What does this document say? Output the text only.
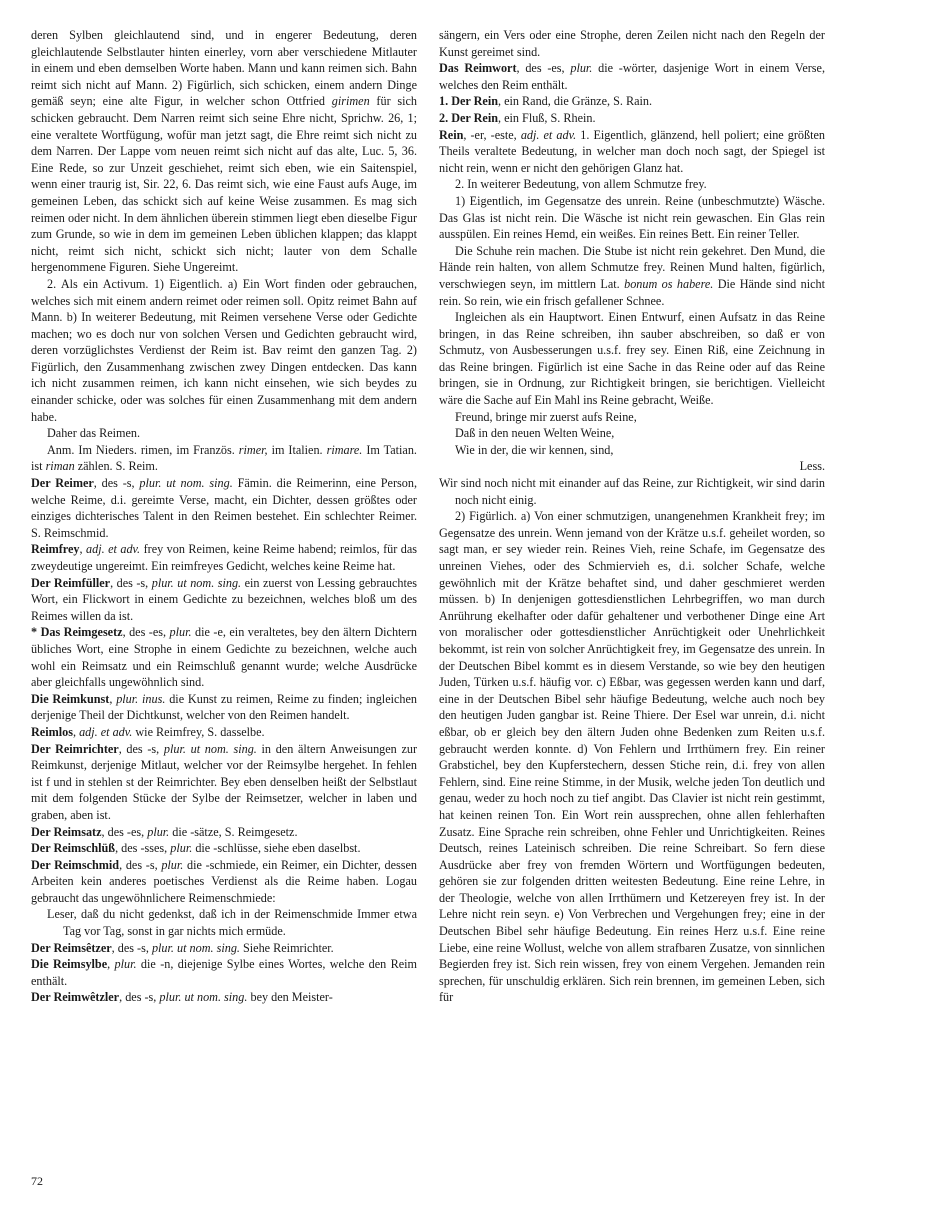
deren Sylben gleichlautend sind, und in engerer Bedeutung, deren gleichlautende Selbstlauter hinten einerley, vorn aber verschiedene Mitlauter in einem und eben demselben Worte haben. Mann und kann reimen sich. Bahn reimt sich nicht auf Mann. 2) Figürlich, sich schicken, einem andern Dinge gemäß seyn; eine alte Figur, in welcher schon Ottfried girimen für sich schicken gebraucht. Dem Narren reimt sich seine Ehre nicht, Sprichw. 26, 1; eine veraltete Wortfügung, wofür man jetzt sagt, die Ehre reimt sich nicht zu dem Narren. Der Lappe vom neuen reimt sich nicht auf das alte, Luc. 5, 36. Eine Rede, so zur Unzeit geschiehet, reimt sich eben, wie ein Saitenspiel, wenn einer traurig ist, Sir. 22, 6. Das reimt sich, wie eine Faust aufs Auge, im gemeinen Leben, das schickt sich auf keine Weise zusammen. Es mag sich reimen oder nicht. In dem ähnlichen überein stimmen liegt eben dieselbe Figur zum Grunde, so wie in dem im gemeinen Leben üblichen klappen; das klappt nicht, reimt sich nicht, schickt sich nicht; lauter von dem Schalle hergenommene Figuren. Siehe Ungereimt.

2. Als ein Activum. 1) Eigentlich. a) Ein Wort finden oder gebrauchen, welches sich mit einem andern reimet oder reimen soll. Opitz reimet Bahn auf Mann. b) In weiterer Bedeutung, mit Reimen versehene Verse oder Gedichte machen; wo es doch nur von solchen Versen und Gedichten gebraucht wird, deren vorzüglichstes Verdienst der Reim ist. Bav reimt den ganzen Tag. 2) Figürlich, den Zusammenhang zwischen zwey Dingen entdecken. Das kann ich nicht zusammen reimen, ich kann nicht einsehen, wie sich beydes zu einander schicke, oder was solches für einen Zusammenhang mit dem andern habe.

Daher das Reimen.

Anm. Im Nieders. rimen, im Französ. rimer, im Italien. rimare. Im Tatian. ist riman zählen. S. Reim.

Der Reimer, des -s, plur. ut nom. sing. Fämin. die Reimerinn, eine Person, welche Reime, d.i. gereimte Verse, macht, ein Dichter, dessen größtes oder einziges dichterisches Talent in den Reimen bestehet. Ein schlechter Reimer. S. Reimschmid.

Reimfrey, adj. et adv. frey von Reimen, keine Reime habend; reimlos, für das zweydeutige ungereimt. Ein reimfreyes Gedicht, welches keine Reime hat.

Der Reimfüller, des -s, plur. ut nom. sing. ein zuerst von Lessing gebrauchtes Wort, ein Flickwort in einem Gedichte zu bezeichnen, welches bloß um des Reimes willen da ist.

* Das Reimgesetz, des -es, plur. die -e, ein veraltetes, bey den ältern Dichtern übliches Wort, eine Strophe in einem Gedichte zu bezeichnen, welche auch wohl ein Reimsatz und ein Reimschluß genannt wurde; welche Ausdrücke aber gleichfalls ungewöhnlich sind.

Die Reimkunst, plur. inus. die Kunst zu reimen, Reime zu finden; ingleichen derjenige Theil der Dichtkunst, welcher von den Reimen handelt.

Reimlos, adj. et adv. wie Reimfrey, S. dasselbe.

Der Reimrichter, des -s, plur. ut nom. sing. in den ältern Anweisungen zur Reimkunst, derjenige Mitlaut, welcher vor der Reimsylbe hergehet. In fehlen ist f und in stehlen st der Reimrichter. Bey eben denselben heißt der Selbstlaut mit dem folgenden Stücke der Sylbe der Reimsetzer, welcher in laben und graben, aben ist.

Der Reimsatz, des -es, plur. die -sätze, S. Reimgesetz.

Der Reimschlüß, des -sses, plur. die -schlüsse, siehe eben daselbst.

Der Reimschmid, des -s, plur. die -schmiede, ein Reimer, ein Dichter, dessen Arbeiten kein anderes poetisches Verdienst als die Reime haben. Logau gebraucht das ungewöhnlichere Reimenschmiede:

Leser, daß du nicht gedenkst, daß ich in der Reimenschmide Immer etwa Tag vor Tag, sonst in gar nichts mich ermüde.

Der Reimsêtzer, des -s, plur. ut nom. sing. Siehe Reimrichter.

Die Reimsylbe, plur. die -n, diejenige Sylbe eines Wortes, welche den Reim enthält.

Der Reimwêtzler, des -s, plur. ut nom. sing. bey den Meister-

sängern, ein Vers oder eine Strophe, deren Zeilen nicht nach den Regeln der Kunst gereimet sind.

Das Reimwort, des -es, plur. die -wörter, dasjenige Wort in einem Verse, welches den Reim enthält.

1. Der Rein, ein Rand, die Gränze, S. Rain.

2. Der Rein, ein Fluß, S. Rhein.

Rein, -er, -este, adj. et adv. 1. Eigentlich, glänzend, hell poliert; eine größten Theils veraltete Bedeutung, in welcher man doch noch sagt, der Spiegel ist nicht rein, wenn er nicht den gehörigen Glanz hat.

2. In weiterer Bedeutung, von allem Schmutze frey.

1) Eigentlich, im Gegensatze des unrein. Reine (unbeschmutzte) Wäsche. Das Glas ist nicht rein. Die Wäsche ist nicht rein gewaschen. Ein Glas rein ausspülen. Ein reines Hemd, ein weißes. Ein reines Bett. Ein reiner Teller.

Die Schuhe rein machen. Die Stube ist nicht rein gekehret. Den Mund, die Hände rein halten, von allem Schmutze frey. Reinen Mund halten, figürlich, verschwiegen seyn, im mittlern Lat. bonum os habere. Die Hände sind nicht rein. So rein, wie ein frisch gefallener Schnee.

Ingleichen als ein Hauptwort. Einen Entwurf, einen Aufsatz in das Reine bringen, in das Reine schreiben, ihn sauber abschreiben, so daß er von Schmutz, von Ausbesserungen u.s.f. frey sey. Einen Riß, eine Zeichnung in das Reine bringen. Figürlich ist eine Sache in das Reine oder auf das Reine bringen, sie in Ordnung, zur Richtigkeit bringen, sie berichtigen. Vielleicht wäre die Sache auf Ein Mahl ins Reine gebracht, Weiße.

Freund, bringe mir zuerst aufs Reine,

Daß in den neuen Welten Weine,

Wie in der, die wir kennen, sind,

Less.

Wir sind noch nicht mit einander auf das Reine, zur Richtigkeit, wir sind darin noch nicht einig.

2) Figürlich. a) Von einer schmutzigen, unangenehmen Krankheit frey; im Gegensatze des unrein. Wenn jemand von der Krätze u.s.f. geheilet worden, so sagt man, er sey wieder rein. Reines Vieh, reine Schafe, im Gegensatze des unreinen Viehes, oder des Schmiervieh es, d.i. solcher Schafe, welche gewöhnlich mit der Krätze behaftet sind, und daher geschmieret werden müssen. b) In denjenigen gottesdienstlichen Lehrbegriffen, wo man durch Anrührung ekelhafter oder dafür gehaltener und verbothener Dinge eine Art von moralischer oder gottesdienstlicher Anrüchtigkeit oder Unehrlichkeit bekommt, ist rein von solcher Anrüchtigkeit frey, im Gegensatze des unrein. In der Deutschen Bibel kommt es in diesem Verstande, so wie bey den heutigen Juden, Türken u.s.f. häufig vor. c) Eßbar, was gegessen werden kann und darf, eine in der Deutschen Bibel sehr häufige Bedeutung, welche auch noch bey den heutigen Juden gangbar ist. Reine Thiere. Der Esel war unrein, d.i. nicht eßbar, ob er gleich bey den ältern Juden ohne Bedenken zum Reiten u.s.f. gebraucht werden konnte. d) Von Fehlern und Irrthümern frey. Ein reiner Grabstichel, bey den Kupferstechern, dessen Stiche rein, d.i. frey von allen Fehlern, sind. Eine reine Stimme, in der Musik, welche jeden Ton deutlich und genau, weder zu hoch noch zu tief angibt. Das Clavier ist nicht rein gestimmt, hat keinen reinen Ton. Ein Wort rein aussprechen, ohne allen fehlerhaften Zusatz. Eine Sprache rein schreiben, ohne Fehler und Unrichtigkeiten. Reines Deutsch, reines Lateinisch schreiben. Die reine Schreibart. So fern diese Ausdrücke aber frey von fremden Wörtern und Wortfügungen bedeuten, gehören sie zur folgenden dritten weitesten Bedeutung. Eine reine Lehre, in der Theologie, welche von allen Irrthümern und Ketzereyen frey ist. In der Lehre nicht rein seyn. e) Von Verbrechen und Vergehungen frey; eine in der Deutschen Bibel sehr häufige Bedeutung. Ein reines Herz u.s.f. Eine reine Liebe, eine reine Wollust, welche von allem strafbaren Zusatze, von sinnlichen Begierden frey ist. Sich rein wissen, frey von einem Vergehen. Jemanden rein sprechen, für unschuldig erklären. Sich rein brennen, im gemeinen Leben, sich für

72
